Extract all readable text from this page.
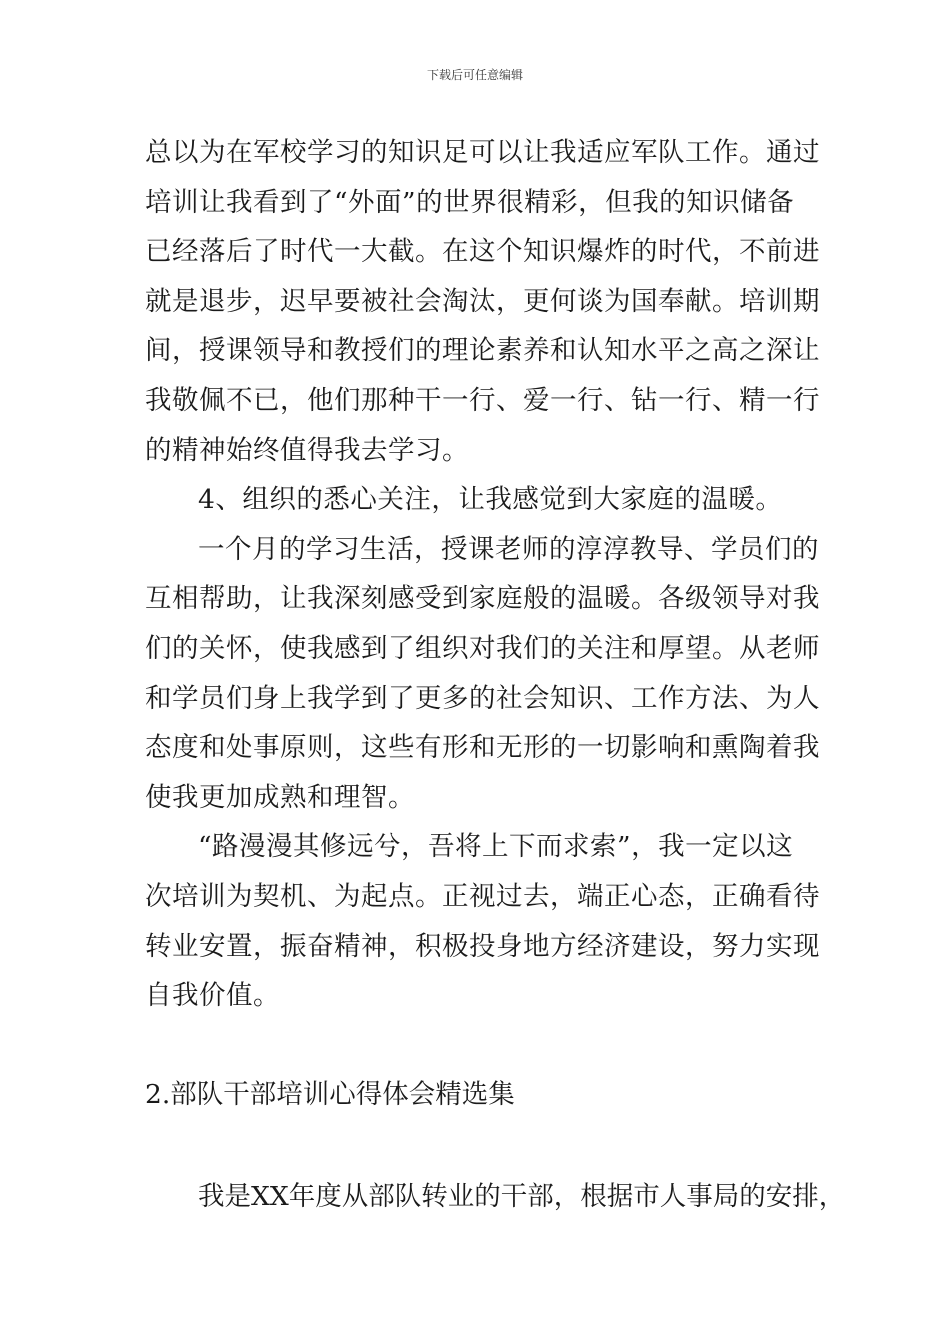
下载后可任意编辑
总以为在军校学习的知识足可以让我适应军队工作。通过
培训让我看到了“外面”的世界很精彩，但我的知识储备
已经落后了时代一大截。在这个知识爆炸的时代，不前进
就是退步，迟早要被社会淘汰，更何谈为国奉献。培训期
间，授课领导和教授们的理论素养和认知水平之高之深让
我敬佩不已，他们那种干一行、爱一行、钻一行、精一行
的精神始终值得我去学习。
4、组织的悉心关注，让我感觉到大家庭的温暖。
一个月的学习生活，授课老师的淳淳教导、学员们的
互相帮助，让我深刻感受到家庭般的温暖。各级领导对我
们的关怀，使我感到了组织对我们的关注和厚望。从老师
和学员们身上我学到了更多的社会知识、工作方法、为人
态度和处事原则，这些有形和无形的一切影响和熏陶着我
使我更加成熟和理智。
“路漫漫其修远兮，吾将上下而求索”，我一定以这
次培训为契机、为起点。正视过去，端正心态，正确看待
转业安置，振奋精神，积极投身地方经济建设，努力实现
自我价值。
2.部队干部培训心得体会精选集
我是XX年度从部队转业的干部，根据市人事局的安排，
